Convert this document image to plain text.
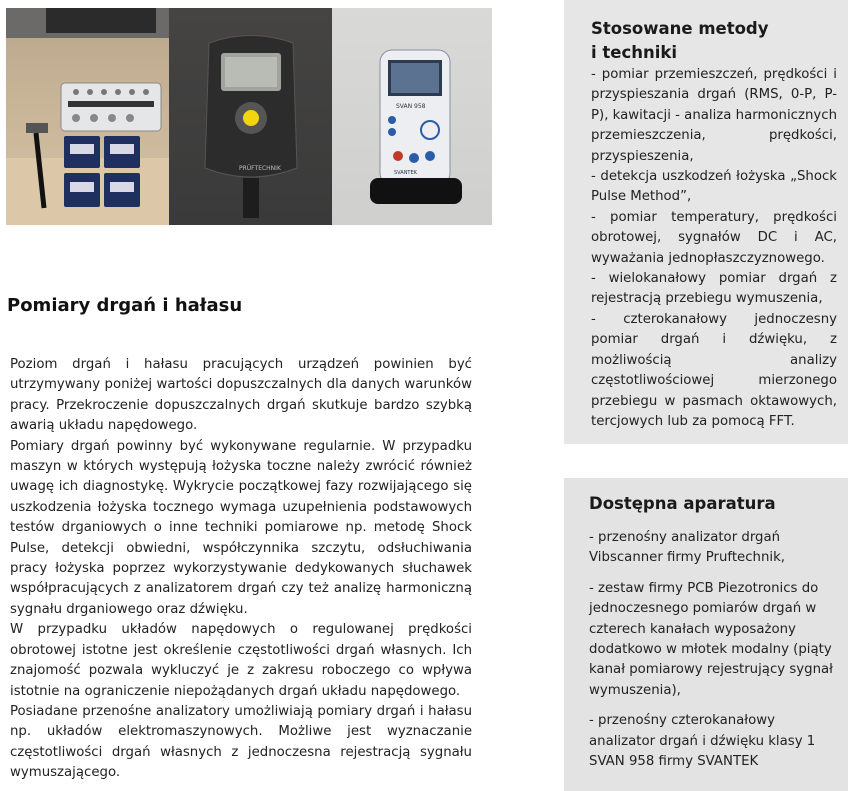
PRÜFTECHNIK
SVAN 958
SVANTEK
Pomiary drgań i hałasu

Poziom drgań i hałasu pracujących urządzeń powinien być utrzymywany poniżej wartości dopuszczalnych dla danych warunków pracy. Przekroczenie dopuszczalnych drgań skutkuje bardzo szybką awarią układu napędowego.

Pomiary drgań powinny być wykonywane regularnie. W przypadku maszyn w których występują łożyska toczne należy zwrócić również uwagę ich diagnostykę. Wykrycie początkowej fazy rozwijającego się uszkodzenia łożyska tocznego wymaga uzupełnienia podstawowych testów drganiowych o inne techniki pomiarowe np. metodę Shock Pulse, detekcji obwiedni, współczynnika szczytu, odsłuchiwania pracy łożyska poprzez wykorzystywanie dedykowanych słuchawek współpracujących z analizatorem drgań czy też analizę harmoniczną sygnału drganiowego oraz dźwięku.

W przypadku układów napędowych o regulowanej prędkości obrotowej istotne jest określenie częstotliwości drgań własnych. Ich znajomość pozwala wykluczyć je z zakresu roboczego co wpływa istotnie na ograniczenie niepożądanych drgań układu napędowego.

Posiadane przenośne analizatory umożliwiają pomiary drgań i hałasu np. układów elektromaszynowych. Możliwe jest wyznaczanie częstotliwości drgań własnych z jednoczesna rejestracją sygnału wymuszającego.

Stosowane metody
i techniki

- pomiar przemieszczeń, prędkości i przyspieszania drgań (RMS, 0-P, P-P), kawitacji - analiza harmonicznych przemieszczenia, prędkości, przyspieszenia,

- detekcja uszkodzeń łożyska „Shock Pulse Method”,

- pomiar temperatury, prędkości obrotowej, sygnałów DC i AC, wyważania jednopłaszczyznowego.

- wielokanałowy pomiar drgań z rejestracją przebiegu wymuszenia,

- czterokanałowy jednoczesny pomiar drgań i dźwięku, z możliwością analizy częstotliwościowej mierzonego przebiegu w pasmach oktawowych, tercjowych lub za pomocą FFT.

Dostępna aparatura

- przenośny analizator drgań Vibscanner firmy Pruftechnik,

- zestaw firmy PCB Piezotronics do jednoczesnego pomiarów drgań w czterech kanałach wyposażony dodatkowo w młotek modalny (piąty kanał pomiarowy rejestrujący sygnał wymuszenia),

- przenośny czterokanałowy analizator drgań i dźwięku klasy 1 SVAN 958 firmy SVANTEK
